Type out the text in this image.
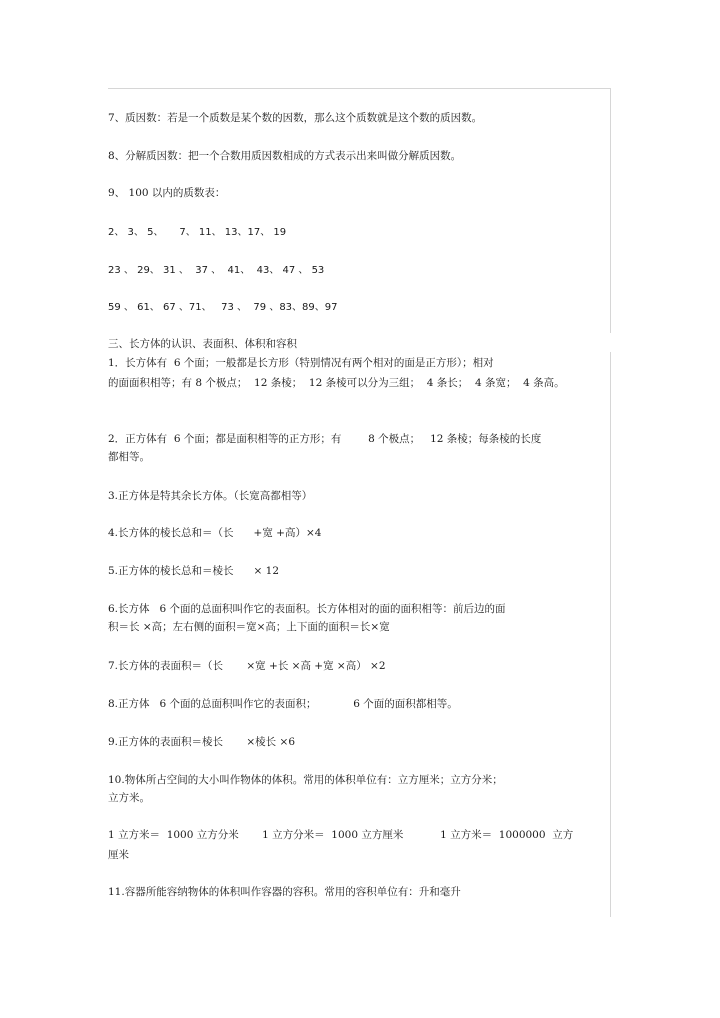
7、质因数：若是一个质数是某个数的因数，那么这个质数就是这个数的质因数。
8、分解质因数：把一个合数用质因数相成的方式表示出来叫做分解质因数。
9、 100 以内的质数表：
2、 3、 5、     7、 11、 13、17、 19
23 、 29、 31 、  37 、  41、  43、 47 、 53
59 、 61、 67 、71、   73 、  79 、83、89、97
三、长方体的认识、表面积、体积和容积
1．长方体有  6 个面；一般都是长方形（特别情况有两个相对的面是正方形）；相对
的面面积相等；有 8 个极点；  12 条棱；  12 条棱可以分为三组；  4 条长；  4 条宽；  4 条高。
2．正方体有  6 个面；都是面积相等的正方形；有        8 个极点；   12 条棱；每条棱的长度
都相等。
3.正方体是特其余长方体。（长宽高都相等）
4.长方体的棱长总和＝（长      +宽 +高）×4
5.正方体的棱长总和＝棱长      × 12
6.长方体   6 个面的总面积叫作它的表面积。长方体相对的面的面积相等：前后边的面
积＝长 ×高；左右侧的面积＝宽×高；上下面的面积＝长×宽
7.长方体的表面积＝（长       ×宽 +长 ×高 +宽 ×高） ×2
8.正方体   6 个面的总面积叫作它的表面积；           6 个面的面积都相等。
9.正方体的表面积＝棱长       ×棱长 ×6
10.物体所占空间的大小叫作物体的体积。常用的体积单位有：立方厘米；立方分米；
立方米。
1 立方米＝  1000 立方分米       1 立方分米＝  1000 立方厘米           1 立方米＝  1000000  立方
厘米
11.容器所能容纳物体的体积叫作容器的容积。常用的容积单位有：升和毫升
